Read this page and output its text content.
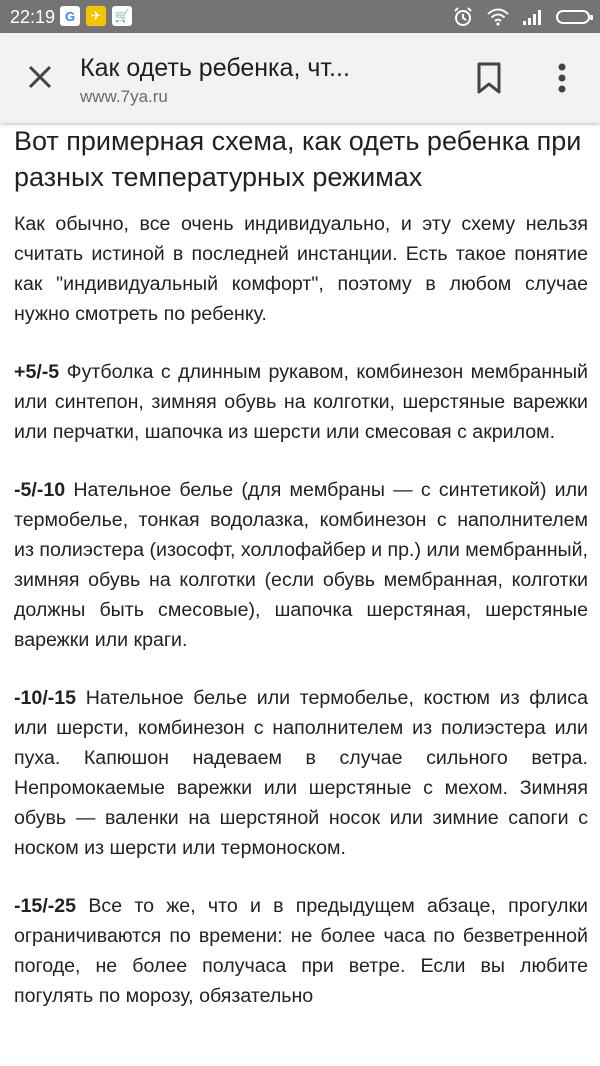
22:19 G	✈	🛒
Как одеть ребенка, чт...
www.7ya.ru
Вот примерная схема, как одеть ребенка при разных температурных режимах

Как обычно, все очень индивидуально, и эту схему нельзя считать истиной в последней инстанции. Есть такое понятие как "индивидуальный комфорт", поэтому в любом случае нужно смотреть по ребенку.

+5/-5 Футболка с длинным рукавом, комбинезон мембранный или синтепон, зимняя обувь на колготки, шерстяные варежки или перчатки, шапочка из шерсти или смесовая с акрилом.

-5/-10 Нательное белье (для мембраны — с синтетикой) или термобелье, тонкая водолазка, комбинезон с наполнителем из полиэстера (изософт, холлофайбер и пр.) или мембранный, зимняя обувь на колготки (если обувь мембранная, колготки должны быть смесовые), шапочка шерстяная, шерстяные варежки или краги.

-10/-15 Нательное белье или термобелье, костюм из флиса или шерсти, комбинезон с наполнителем из полиэстера или пуха. Капюшон надеваем в случае сильного ветра. Непромокаемые варежки или шерстяные с мехом. Зимняя обувь — валенки на шерстяной носок или зимние сапоги с носком из шерсти или термоноском.

-15/-25 Все то же, что и в предыдущем абзаце, прогулки ограничиваются по времени: не более часа по безветренной погоде, не более получаса при ветре. Если вы любите погулять по морозу, обязательно
